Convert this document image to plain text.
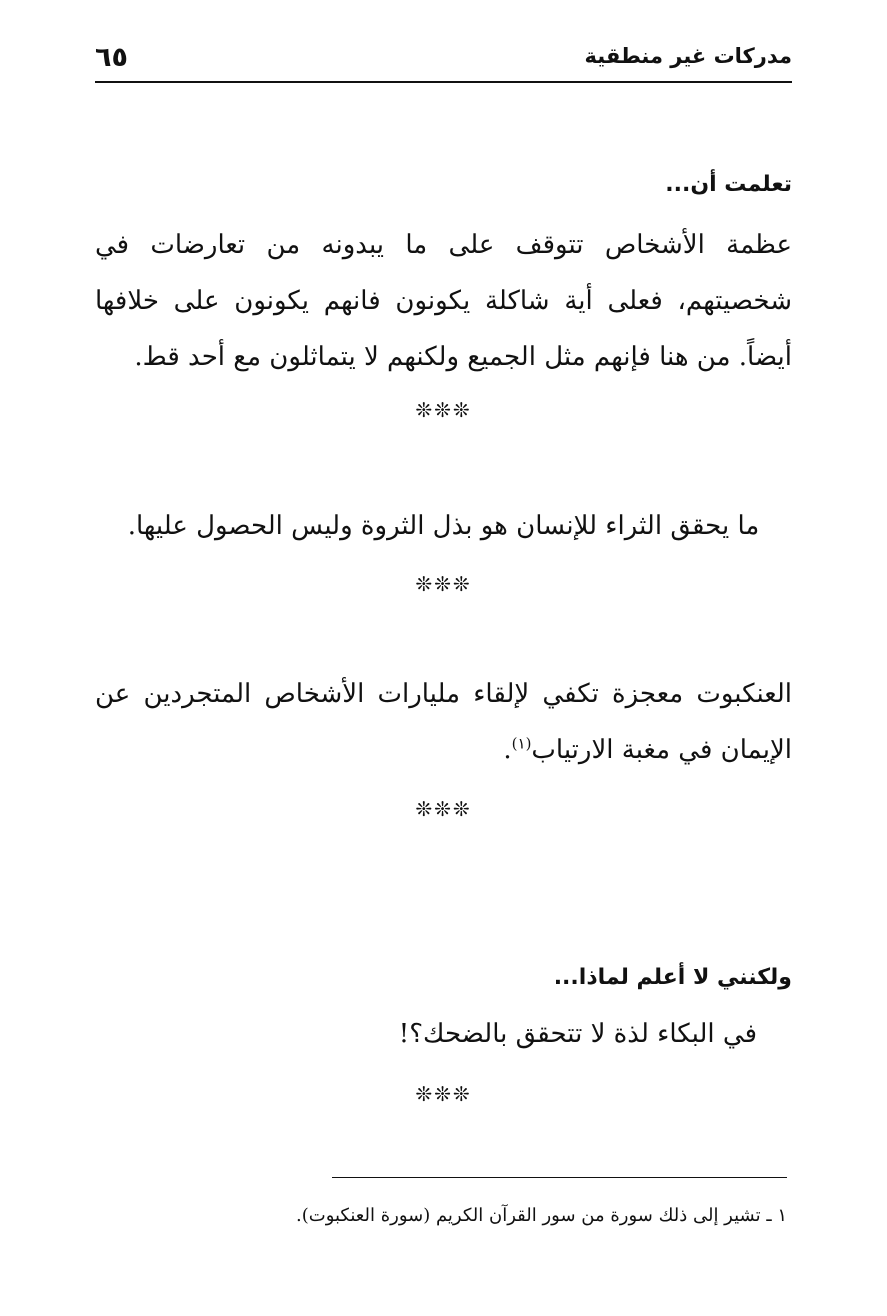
٦٥	مدركات غير منطقية
تعلمت أن...
عظمة الأشخاص تتوقف على ما يبدونه من تعارضات في شخصيتهم، فعلى أية شاكلة يكونون فانهم يكونون على خلافها أيضاً. من هنا فإنهم مثل الجميع ولكنهم لا يتماثلون مع أحد قط.
❊❊❊
ما يحقق الثراء للإنسان هو بذل الثروة وليس الحصول عليها.
❊❊❊
العنكبوت معجزة تكفي لإلقاء مليارات الأشخاص المتجردين عن الإيمان في مغبة الارتياب$^{(١)}$.
❊❊❊
ولكنني لا أعلم لماذا...
في البكاء لذة لا تتحقق بالضحك؟!
❊❊❊
١ ـ تشير إلى ذلك سورة من سور القرآن الكريم (سورة العنكبوت).
